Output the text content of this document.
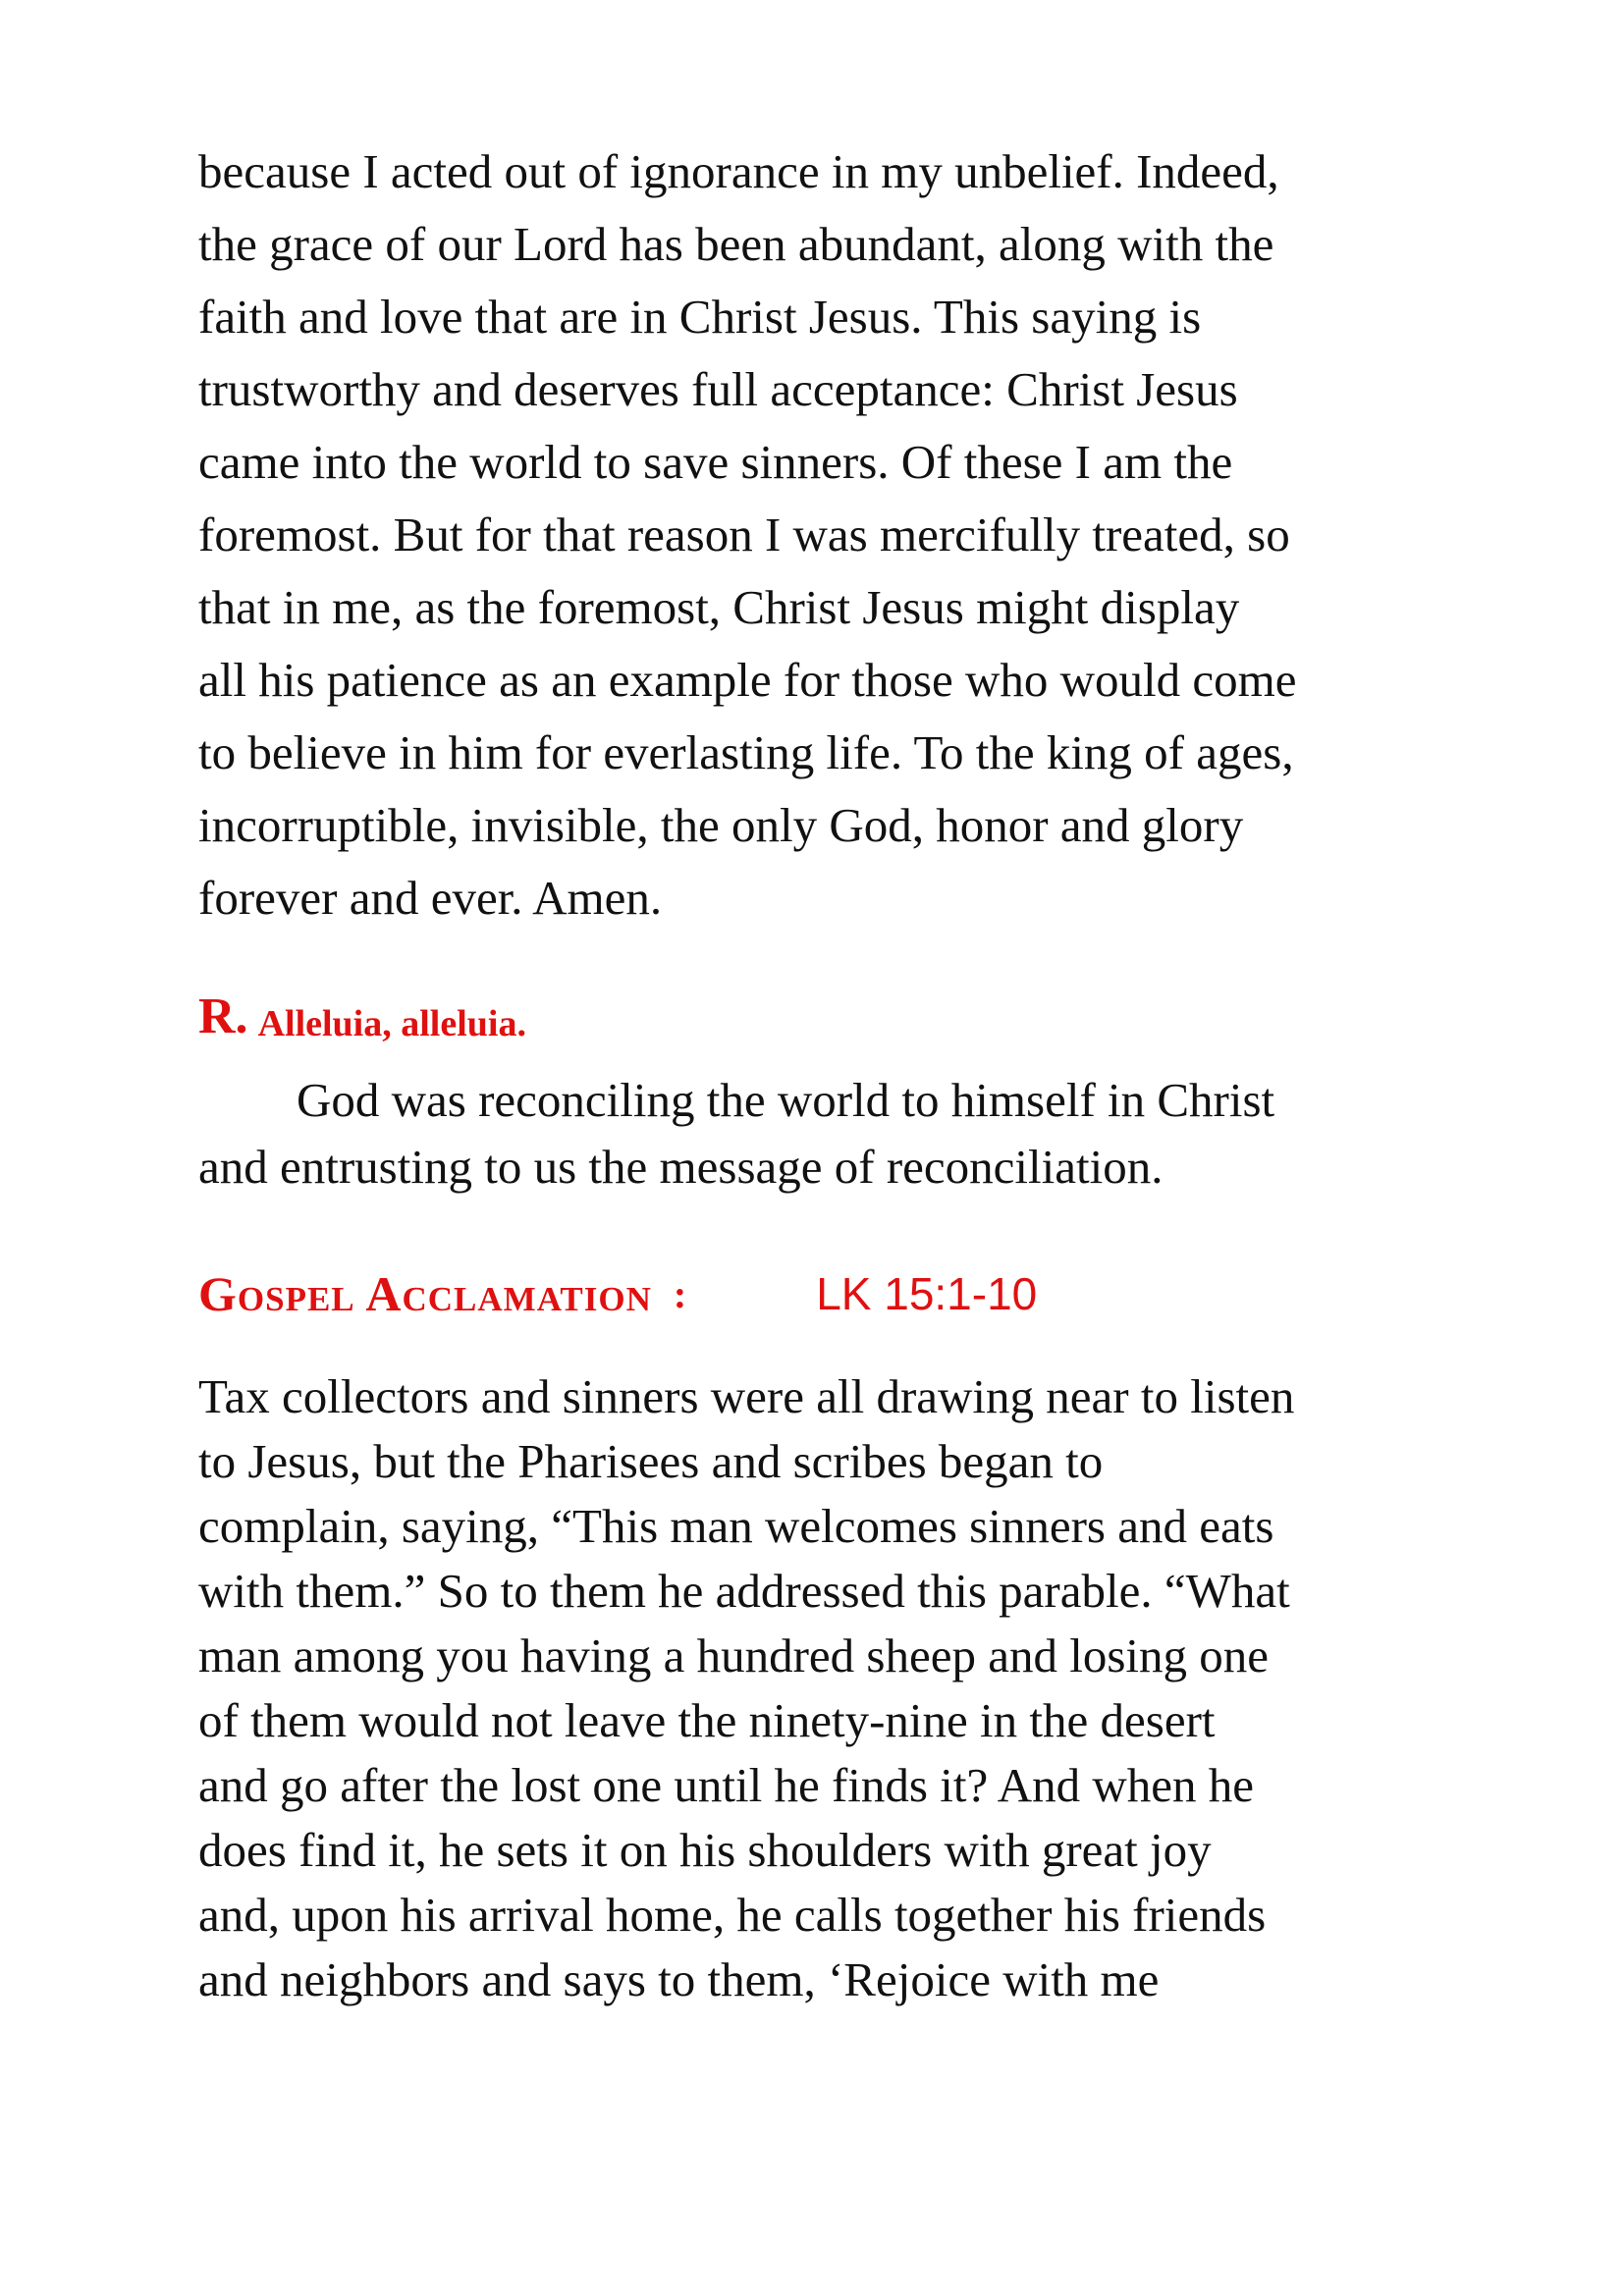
because I acted out of ignorance in my unbelief. Indeed,
the grace of our Lord has been abundant, along with the
faith and love that are in Christ Jesus. This saying is
trustworthy and deserves full acceptance: Christ Jesus
came into the world to save sinners. Of these I am the
foremost. But for that reason I was mercifully treated, so
that in me, as the foremost, Christ Jesus might display
all his patience as an example for those who would come
to believe in him for everlasting life. To the king of ages,
incorruptible, invisible, the only God, honor and glory
forever and ever. Amen.
R. Alleluia, alleluia.
God was reconciling the world to himself in Christ
and entrusting to us the message of reconciliation.
Gospel Acclamation :	LK 15:1-10
Tax collectors and sinners were all drawing near to listen
to Jesus, but the Pharisees and scribes began to
complain, saying, “This man welcomes sinners and eats
with them.” So to them he addressed this parable. “What
man among you having a hundred sheep and losing one
of them would not leave the ninety-nine in the desert
and go after the lost one until he finds it? And when he
does find it, he sets it on his shoulders with great joy
and, upon his arrival home, he calls together his friends
and neighbors and says to them, ‘Rejoice with me
